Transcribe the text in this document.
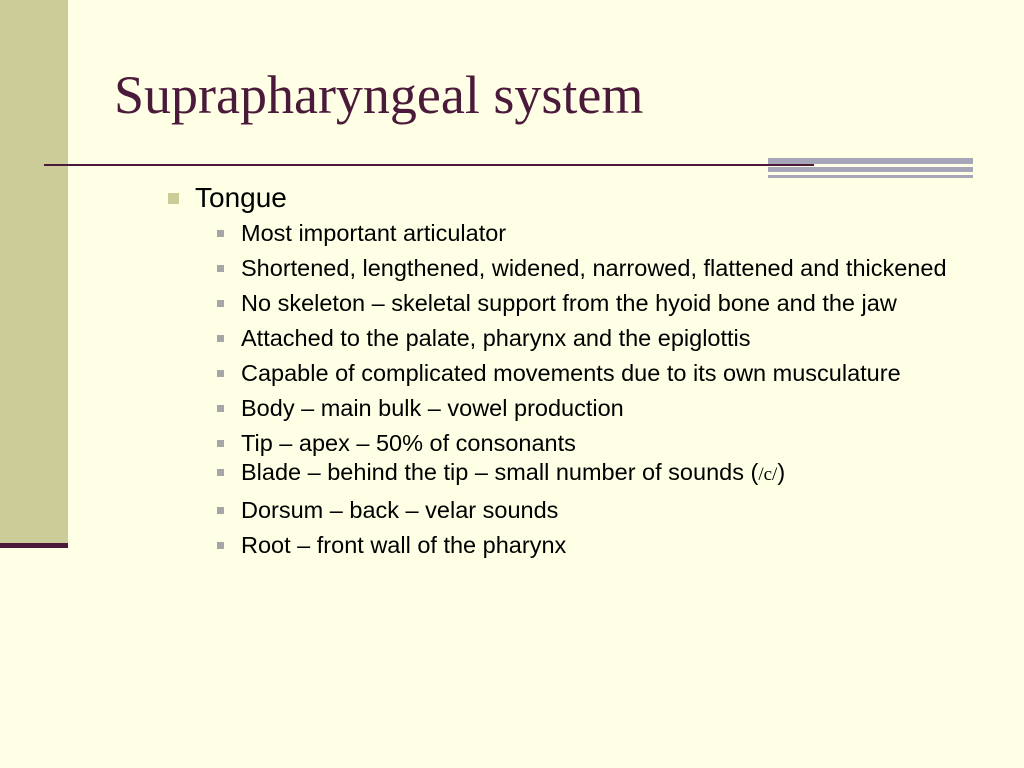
Suprapharyngeal system
Tongue
Most important articulator
Shortened, lengthened, widened, narrowed, flattened and thickened
No skeleton – skeletal support from the hyoid bone and the jaw
Attached to the palate, pharynx and the epiglottis
Capable of complicated movements due to its own musculature
Body – main bulk – vowel production
Tip – apex – 50% of consonants
Blade – behind the tip – small number of sounds (/c/)
Dorsum – back – velar sounds
Root – front wall of the pharynx
